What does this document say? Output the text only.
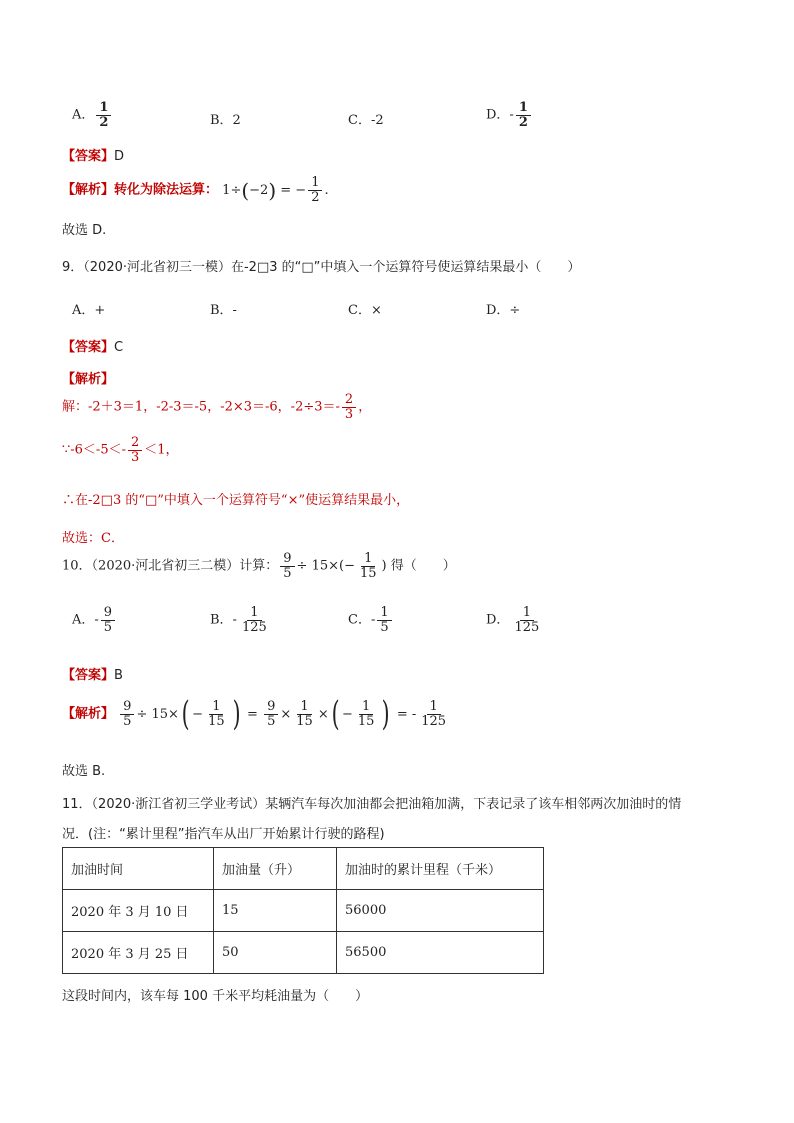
A． $\frac{1}{2}$	B．2	C．-2	D．- $\frac{1}{2}$
【答案】D
【解析】转化为除法运算： 1÷(−2) = − $\frac{1}{2}$ .
故选 D.
9．（2020·河北省初三一模）在-2□3 的“□”中填入一个运算符号使运算结果最小（　　）
A．+	B．-	C．×	D．÷
【答案】C
【解析】
解：-2＋3＝1，-2-3＝-5，-2×3＝-6，$-2\div 3=- \frac{2}{3}$ ，
∵-6＜-5＜- $\frac{2}{3} <1$，
∴在-2□3 的“□”中填入一个运算符号“×”使运算结果最小，
故选：C．
10．（2020·河北省初三二模）计算： $\frac{9}{5} \div 15\times(- \frac{1}{15}$ ) 得（　　）
A．- $\frac{9}{5}$	B．- $\frac{1}{125}$	C．- $\frac{1}{5}$	D． $\frac{1}{125}$
【答案】B
【解析】 $\frac{9}{5} \div 15\times( - \frac{1}{15}$ ) = $\frac{9}{5} \times \frac{1}{15}$ ×( − $\frac{1}{15}$ ) = - $\frac{1}{125}$
故选 B.
11．（2020·浙江省初三学业考试）某辆汽车每次加油都会把油箱加满，下表记录了该车相邻两次加油时的情
况．(注：“累计里程”指汽车从出厂开始累计行驶的路程)
加油时间	加油量（升）	加油时的累计里程（千米）
2020 年 3 月 10 日	15	56000
2020 年 3 月 25 日	50	56500
这段时间内，该车每 100 千米平均耗油量为（　　）
